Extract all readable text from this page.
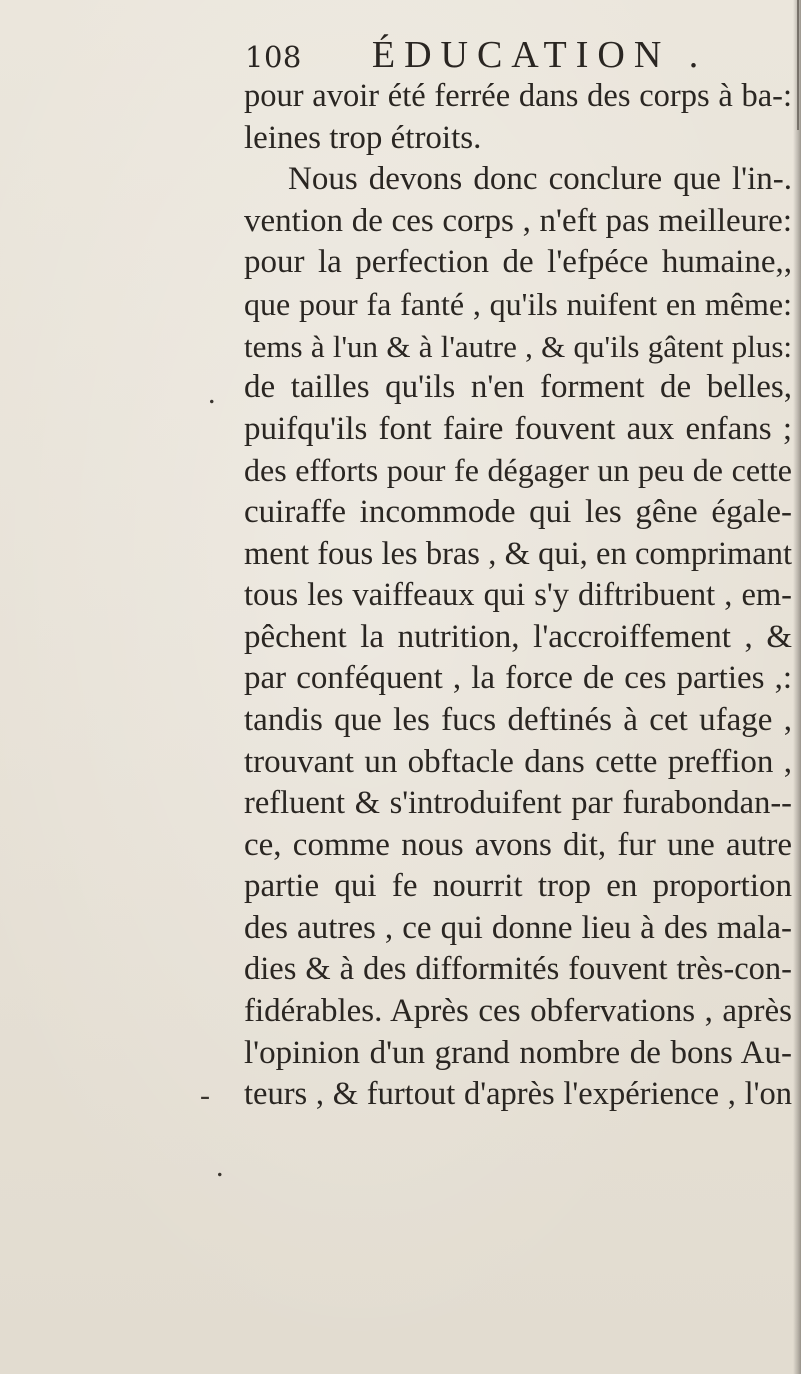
108 ÉDUCATION .
.
-
.
pour avoir été ferrée dans des corps à ba-:
leines trop étroits.
Nous devons donc conclure que l'in-.
vention de ces corps , n'eft pas meilleure:
pour la perfection de l'efpéce humaine,,
que pour fa fanté , qu'ils nuifent en même:
tems à l'un & à l'autre , & qu'ils gâtent plus:
de tailles qu'ils n'en forment de belles,
puifqu'ils font faire fouvent aux enfans ;
des efforts pour fe dégager un peu de cette
cuiraffe incommode qui les gêne égale-
ment fous les bras , & qui, en comprimant
tous les vaiffeaux qui s'y diftribuent , em-
pêchent la nutrition, l'accroiffement , &
par conféquent , la force de ces parties ,:
tandis que les fucs deftinés à cet ufage ,
trouvant un obftacle dans cette preffion ,
refluent & s'introduifent par furabondan--
ce, comme nous avons dit, fur une autre
partie qui fe nourrit trop en proportion
des autres , ce qui donne lieu à des mala-
dies & à des difformités fouvent très-con-
fidérables. Après ces obfervations , après
l'opinion d'un grand nombre de bons Au-
teurs , & furtout d'après l'expérience , l'on
